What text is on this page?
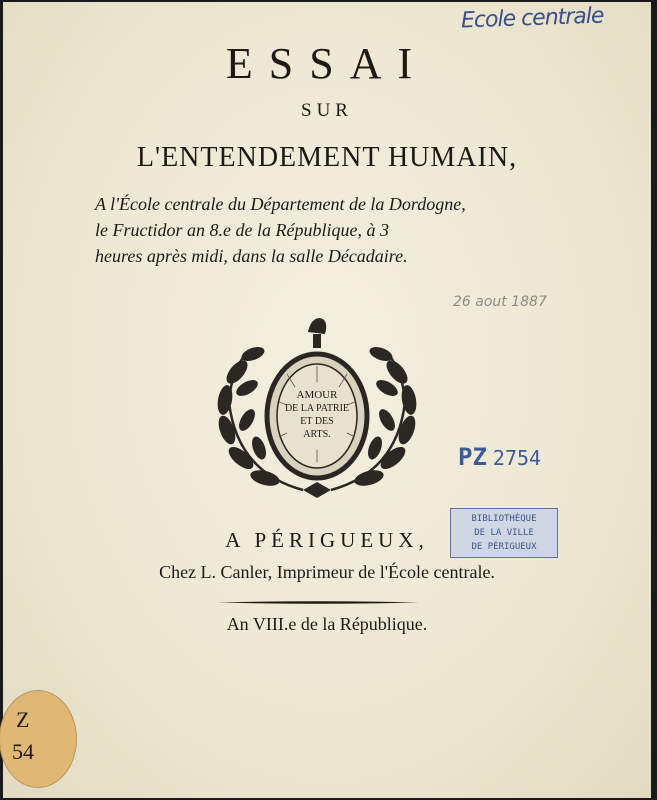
Ecole centrale
ESSAI
SUR
L'ENTENDEMENT HUMAIN,
A l'École centrale du Département de la Dordogne,
le Fructidor an 8.e de la République, à 3
heures après midi, dans la salle Décadaire.
26 aout 1887
AMOUR
DE LA PATRIE
ET DES
ARTS.
PZ 2754
BIBLIOTHÈQUE
DE LA VILLE
DE PÉRIGUEUX
A PÉRIGUEUX,
Chez L. Canler, Imprimeur de l'École centrale.
An VIII.e de la République.
Z
54
